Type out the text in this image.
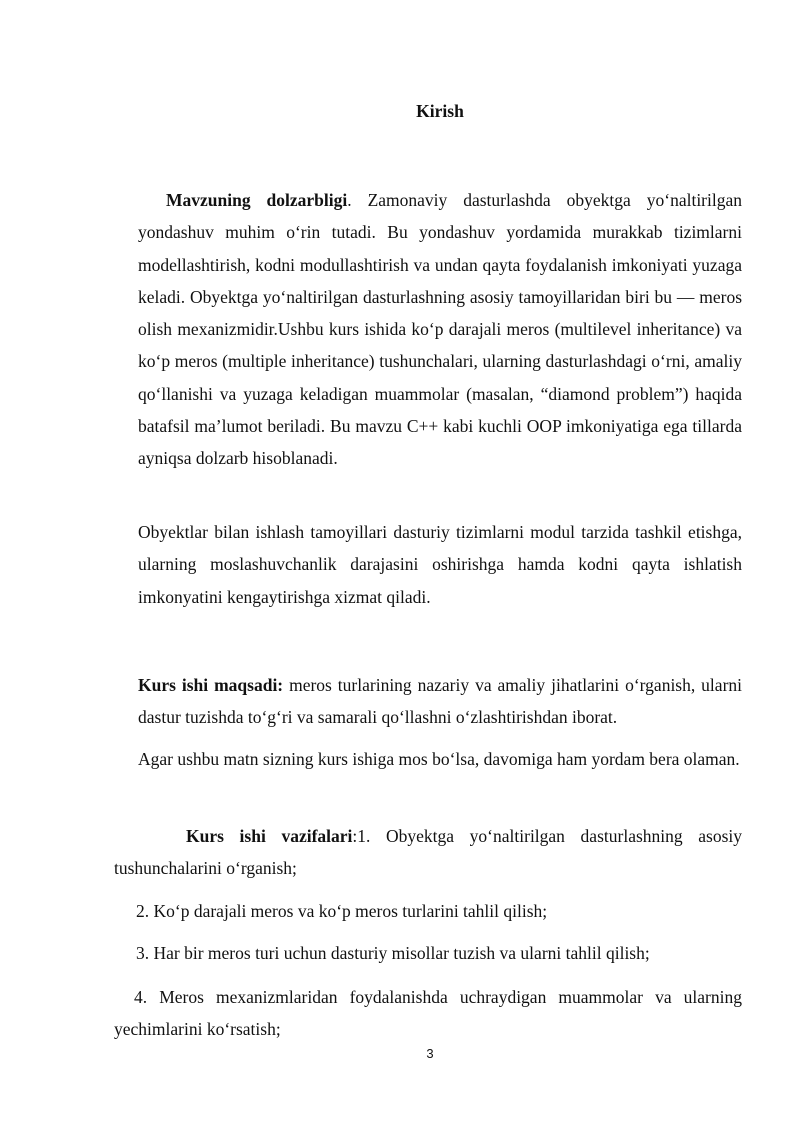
Kirish

Mavzuning dolzarbligi. Zamonaviy dasturlashda obyektga yo‘naltirilgan yondashuv muhim o‘rin tutadi. Bu yondashuv yordamida murakkab tizimlarni modellashtirish, kodni modullashtirish va undan qayta foydalanish imkoniyati yuzaga keladi. Obyektga yo‘naltirilgan dasturlashning asosiy tamoyillaridan biri bu — meros olish mexanizmidir.Ushbu kurs ishida ko‘p darajali meros (multilevel inheritance) va ko‘p meros (multiple inheritance) tushunchalari, ularning dasturlashdagi o‘rni, amaliy qo‘llanishi va yuzaga keladigan muammolar (masalan, “diamond problem”) haqida batafsil ma’lumot beriladi. Bu mavzu C++ kabi kuchli OOP imkoniyatiga ega tillarda ayniqsa dolzarb hisoblanadi.

Obyektlar bilan ishlash tamoyillari dasturiy tizimlarni modul tarzida tashkil etishga, ularning moslashuvchanlik darajasini oshirishga hamda kodni qayta ishlatish imkonyatini kengaytirishga xizmat qiladi.

Kurs ishi maqsadi: meros turlarining nazariy va amaliy jihatlarini o‘rganish, ularni dastur tuzishda to‘g‘ri va samarali qo‘llashni o‘zlashtirishdan iborat.

Agar ushbu matn sizning kurs ishiga mos bo‘lsa, davomiga ham yordam bera olaman.

Kurs ishi vazifalari:1. Obyektga yo‘naltirilgan dasturlashning asosiy tushunchalarini o‘rganish;

2. Ko‘p darajali meros va ko‘p meros turlarini tahlil qilish;

3. Har bir meros turi uchun dasturiy misollar tuzish va ularni tahlil qilish;

4. Meros mexanizmlaridan foydalanishda uchraydigan muammolar va ularning yechimlarini ko‘rsatish;

3
